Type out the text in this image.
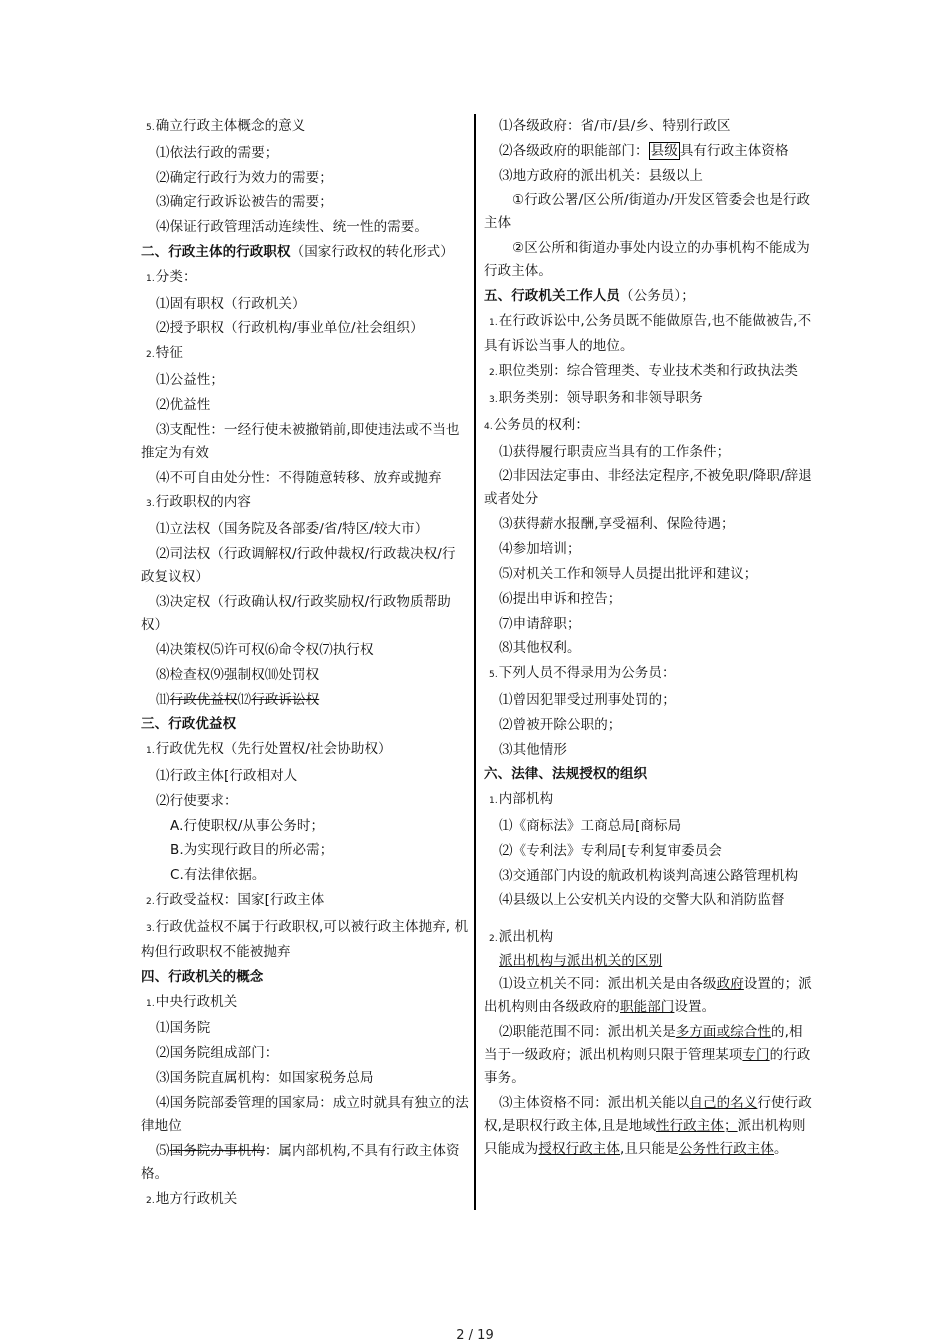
5.确立行政主体概念的意义
⑴依法行政的需要；
⑵确定行政行为效力的需要；
⑶确定行政诉讼被告的需要；
⑷保证行政管理活动连续性、统一性的需要。
二、行政主体的行政职权（国家行政权的转化形式）
1.分类：
⑴固有职权（行政机关）
⑵授予职权（行政机构/事业单位/社会组织）
2.特征
⑴公益性；
⑵优益性
⑶支配性：一经行使未被撤销前,即使违法或不当也推定为有效
⑷不可自由处分性：不得随意转移、放弃或抛弃
3.行政职权的内容
⑴立法权（国务院及各部委/省/特区/较大市）
⑵司法权（行政调解权/行政仲裁权/行政裁决权/行政复议权）
⑶决定权（行政确认权/行政奖励权/行政物质帮助权）
⑷决策权⑸许可权⑹命令权⑺执行权
⑻检查权⑼强制权⑽处罚权
⑾行政优益权⑿行政诉讼权
三、行政优益权
1.行政优先权（先行处置权/社会协助权）
⑴行政主体[行政相对人
⑵行使要求：
A.行使职权/从事公务时；
B.为实现行政目的所必需；
C.有法律依据。
2.行政受益权：国家[行政主体
3.行政优益权不属于行政职权,可以被行政主体抛弃, 机构但行政职权不能被抛弃
四、行政机关的概念
1.中央行政机关
⑴国务院
⑵国务院组成部门：
⑶国务院直属机构：如国家税务总局
⑷国务院部委管理的国家局：成立时就具有独立的法律地位
⑸国务院办事机构：属内部机构,不具有行政主体资格。
2.地方行政机关
⑴各级政府：省/市/县/乡、特别行政区
⑵各级政府的职能部门： 县级 具有行政主体资格
⑶地方政府的派出机关：县级以上
①行政公署/区公所/街道办/开发区管委会也是行政主体
②区公所和街道办事处内设立的办事机构不能成为行政主体。
五、行政机关工作人员（公务员）；
1.在行政诉讼中,公务员既不能做原告,也不能做被告,不具有诉讼当事人的地位。
2.职位类别：综合管理类、专业技术类和行政执法类
3.职务类别：领导职务和非领导职务
4.公务员的权利：
⑴获得履行职责应当具有的工作条件；
⑵非因法定事由、非经法定程序,不被免职/降职/辞退或者处分
⑶获得薪水报酬,享受福利、保险待遇；
⑷参加培训；
⑸对机关工作和领导人员提出批评和建议；
⑹提出申诉和控告；
⑺申请辞职；
⑻其他权利。
5.下列人员不得录用为公务员：
⑴曾因犯罪受过刑事处罚的；
⑵曾被开除公职的；
⑶其他情形
六、法律、法规授权的组织
1.内部机构
⑴《商标法》工商总局[商标局
⑵《专利法》专利局[专利复审委员会
⑶交通部门内设的航政机构谈判高速公路管理机构
⑷县级以上公安机关内设的交警大队和消防监督
2.派出机构
派出机构与派出机关的区别
⑴设立机关不同：派出机关是由各级政府设置的；派出机构则由各级政府的职能部门设置。
⑵职能范围不同：派出机关是多方面或综合性的,相当于一级政府；派出机构则只限于管理某项专门的行政事务。
⑶主体资格不同：派出机关能以自己的名义行使行政权,是职权行政主体,且是地域性行政主体；派出机构则只能成为授权行政主体,且只能是公务性行政主体。
2 / 19
